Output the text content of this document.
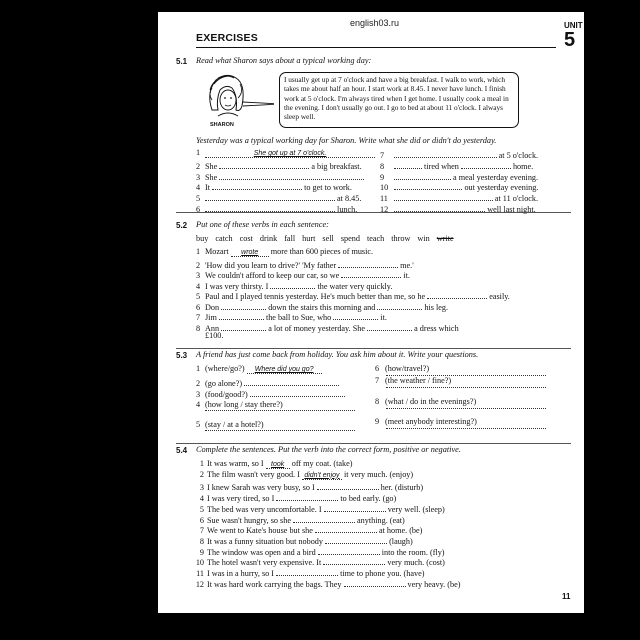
english03.ru	UNIT
5
EXERCISES
5.1 Read what Sharon says about a typical working day:
SHARON
I usually get up at 7 o'clock and have a big breakfast. I walk to work, which takes me about half an hour. I start work at 8.45. I never have lunch. I finish work at 5 o'clock. I'm always tired when I get home. I usually cook a meal in the evening. I don't usually go out. I go to bed at about 11 o'clock. I always sleep well.
Yesterday was a typical working day for Sharon. Write what she did or didn't do yesterday.
1	She got up at 7 o'clock.
2 She	a big breakfast.
3 She
4 It	to get to work.
5	at 8.45.
6	lunch.
7	at 5 o'clock.
8	tired when	home.
9	a meal yesterday evening.
10	out yesterday evening.
11	at 11 o'clock.
12	well last night.
5.2 Put one of these verbs in each sentence:
buy catch cost drink fall hurt sell spend teach throw win write
1 Mozart wrote more than 600 pieces of music.
2 'How did you learn to drive?' 'My father	me.'
3 We couldn't afford to keep our car, so we	it.
4 I was very thirsty. I	the water very quickly.
5 Paul and I played tennis yesterday. He's much better than me, so he	easily.
6 Don	down the stairs this morning and	his leg.
7 Jim	the ball to Sue, who	it.
8 Ann	a lot of money yesterday. She	a dress which
£100.
5.3 A friend has just come back from holiday. You ask him about it. Write your questions.
1 (where/go?) Where did you go?
2 (go alone?)
3 (food/good?)
4 (how long / stay there?)
5 (stay / at a hotel?)
6 (how/travel?)
7 (the weather / fine?)
8 (what / do in the evenings?)
9 (meet anybody interesting?)
5.4 Complete the sentences. Put the verb into the correct form, positive or negative.
1 It was warm, so I took off my coat. (take)
2 The film wasn't very good. I didn't enjoy it very much. (enjoy)
3 I knew Sarah was very busy, so I	her. (disturb)
4 I was very tired, so I	to bed early. (go)
5 The bed was very uncomfortable. I	very well. (sleep)
6 Sue wasn't hungry, so she	anything. (eat)
7 We went to Kate's house but she	at home. (be)
8 It was a funny situation but nobody	(laugh)
9 The window was open and a bird	into the room. (fly)
10 The hotel wasn't very expensive. It	very much. (cost)
11 I was in a hurry, so I	time to phone you. (have)
12 It was hard work carrying the bags. They	very heavy. (be)
11
